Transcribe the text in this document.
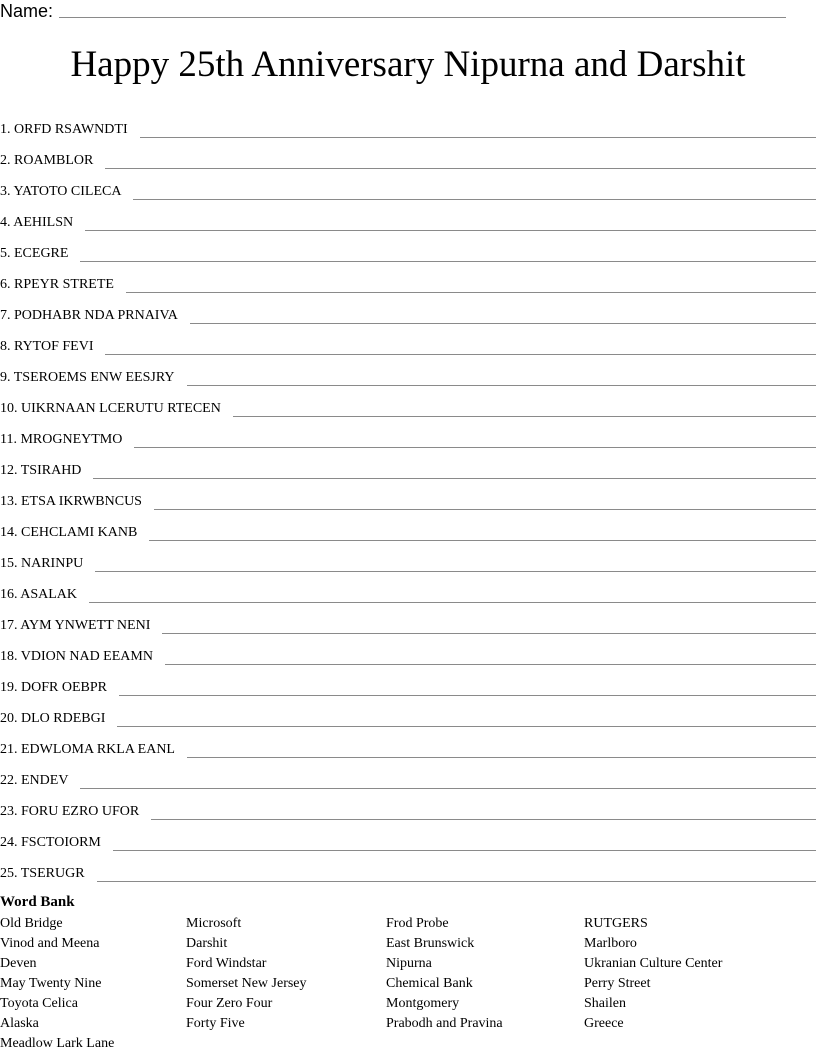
Name:
Happy 25th Anniversary Nipurna and Darshit
1. ORFD RSAWNDTI
2. ROAMBLOR
3. YATOTO CILECA
4. AEHILSN
5. ECEGRE
6. RPEYR STRETE
7. PODHABR NDA PRNAIVA
8. RYTOF FEVI
9. TSEROEMS ENW EESJRY
10. UIKRNAAN LCERUTU RTECEN
11. MROGNEYTMO
12. TSIRAHD
13. ETSA IKRWBNCUS
14. CEHCLAMI KANB
15. NARINPU
16. ASALAK
17. AYM YNWETT NENI
18. VDION NAD EEAMN
19. DOFR OEBPR
20. DLO RDEBGI
21. EDWLOMA RKLA EANL
22. ENDEV
23. FORU EZRO UFOR
24. FSCTOIORM
25. TSERUGR
Word Bank
Old Bridge
Vinod and Meena
Deven
May Twenty Nine
Toyota Celica
Alaska
Meadlow Lark Lane
Microsoft
Darshit
Ford Windstar
Somerset New Jersey
Four Zero Four
Forty Five
Frod Probe
East Brunswick
Nipurna
Chemical Bank
Montgomery
Prabodh and Pravina
RUTGERS
Marlboro
Ukranian Culture Center
Perry Street
Shailen
Greece
